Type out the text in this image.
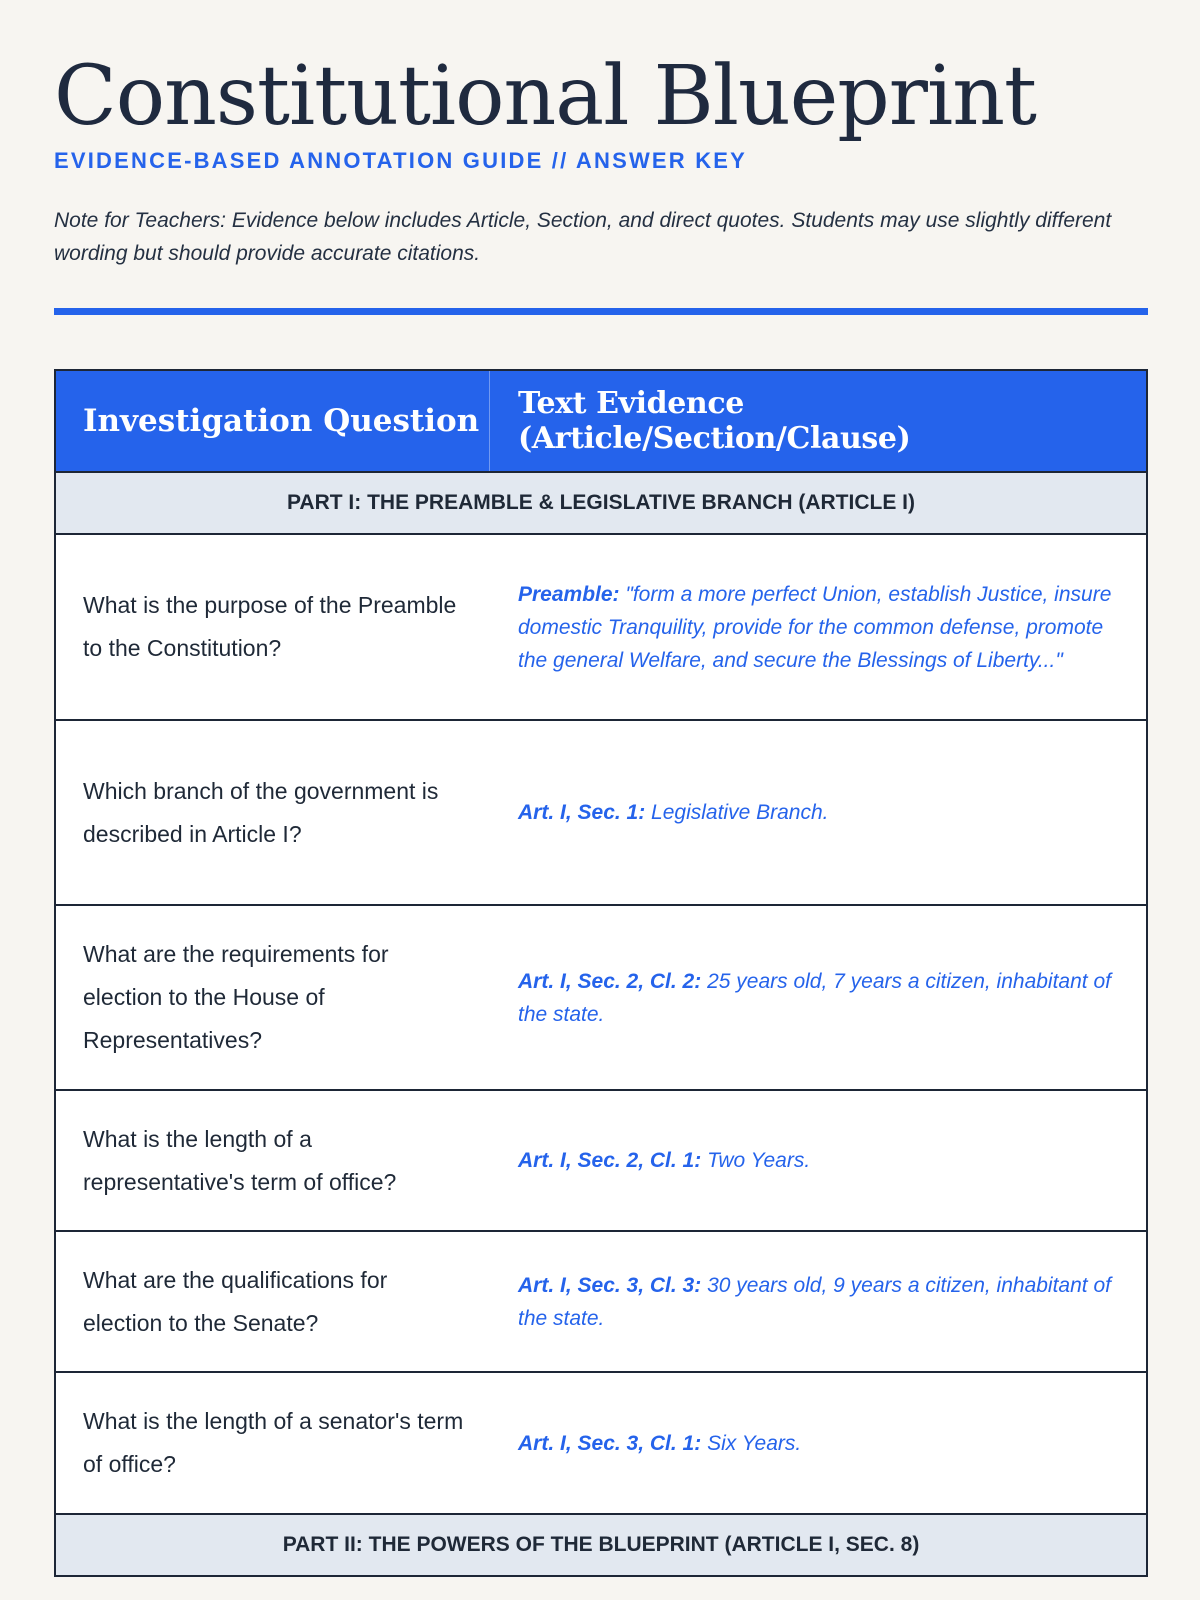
Constitutional Blueprint
EVIDENCE-BASED ANNOTATION GUIDE // ANSWER KEY
Note for Teachers: Evidence below includes Article, Section, and direct quotes. Students may use slightly different wording but should provide accurate citations.
Investigation Question	Text Evidence (Article/Section/Clause)
PART I: THE PREAMBLE & LEGISLATIVE BRANCH (ARTICLE I)
What is the purpose of the Preamble to the Constitution?
Preamble: "form a more perfect Union, establish Justice, insure domestic Tranquility, provide for the common defense, promote the general Welfare, and secure the Blessings of Liberty..."
Which branch of the government is described in Article I?
Art. I, Sec. 1: Legislative Branch.
What are the requirements for election to the House of Representatives?
Art. I, Sec. 2, Cl. 2: 25 years old, 7 years a citizen, inhabitant of the state.
What is the length of a representative's term of office?
Art. I, Sec. 2, Cl. 1: Two Years.
What are the qualifications for election to the Senate?
Art. I, Sec. 3, Cl. 3: 30 years old, 9 years a citizen, inhabitant of the state.
What is the length of a senator's term of office?
Art. I, Sec. 3, Cl. 1: Six Years.
PART II: THE POWERS OF THE BLUEPRINT (ARTICLE I, SEC. 8)
